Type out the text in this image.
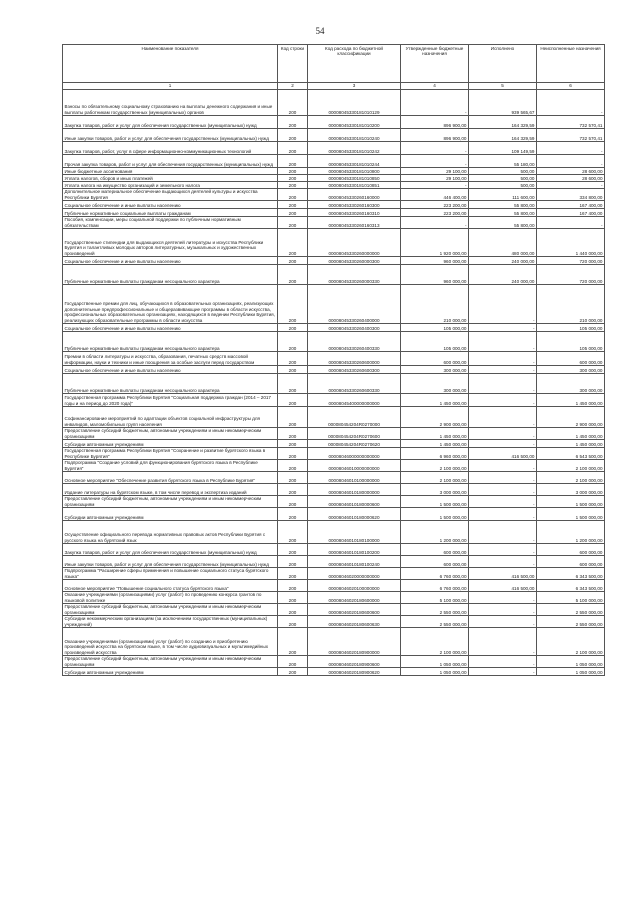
54
Наименование показателя	Код строки	Код расхода по бюджетной классификации	Утвержденные бюджетные назначения	Исполнено	Неисполненные назначения
1	2	3	4	5	6
Взносы по обязательному социальному страхованию на выплаты денежного содержания и иные выплаты работникам государственных (муниципальных) органов	200	00008045330181010129	-	939 565,67	-
Закупка товаров, работ и услуг для обеспечения государственных (муниципальных) нужд	200	00008045330181010200	896 900,00	164 329,59	732 570,41
Иные закупки товаров, работ и услуг для обеспечения государственных (муниципальных) нужд	200	00008045330181010240	896 900,00	164 329,59	732 570,41
Закупка товаров, работ, услуг в сфере информационно-коммуникационных технологий	200	00008045330181010242	-	109 149,59	-
Прочая закупка товаров, работ и услуг для обеспечения государственных (муниципальных) нужд	200	00008045330181010244	-	55 180,00	-
Иные бюджетные ассигнования	200	00008045330181010800	29 100,00	500,00	28 600,00
Уплата налогов, сборов и иных платежей	200	00008045330181010850	29 100,00	500,00	28 600,00
Уплата налога на имущество организаций и земельного налога	200	00008045330181010851	-	500,00	-
Дополнительное материальное обеспечение выдающихся деятелей культуры и искусства Республики Бурятия	200	00008045330260160000	446 400,00	111 600,00	334 800,00
Социальное обеспечение и иные выплаты населению	200	00008045330260160300	223 200,00	55 800,00	167 400,00
Публичные нормативные социальные выплаты гражданам	200	00008045330260160310	223 200,00	55 800,00	167 400,00
Пособия, компенсации, меры социальной поддержки по публичным нормативным обязательствам	200	00008045330260160313	-	55 800,00	-
Государственные стипендии для выдающихся деятелей литературы и искусства Республики Бурятия и талантливых молодых авторов литературных, музыкальных и художественных произведений	200	00008045330260000000	1 920 000,00	480 000,00	1 440 000,00
Социальное обеспечение и иные выплаты населению	200	00008045330260000300	960 000,00	240 000,00	720 000,00
Публичные нормативные выплаты гражданам несоциального характера	200	00008045330260000330	960 000,00	240 000,00	720 000,00
Государственные премии для лиц, обучающихся в образовательных организациях, реализующих дополнительные предпрофессиональные и общеразвивающие программы в области искусства, профессиональных образовательных организациях, находящихся в ведении Республики Бурятия, реализующих образовательные программы в области искусства	200	00008045330260400000	210 000,00	-	210 000,00
Социальное обеспечение и иные выплаты населению	200	00008045330260400300	105 000,00	-	105 000,00
Публичные нормативные выплаты гражданам несоциального характера	200	00008045330260400330	105 000,00	-	105 000,00
Премии в области литературы и искусства, образования, печатных средств массовой информации, науки и техники и иные поощрения за особые заслуги перед государством	200	00008045330260600000	600 000,00	-	600 000,00
Социальное обеспечение и иные выплаты населению	200	00008045330260600300	300 000,00	-	300 000,00
Публичные нормативные выплаты гражданам несоциального характера	200	00008045330260600330	300 000,00	-	300 000,00
Государственная программа Республики Бурятия "Социальная поддержка граждан (2014 – 2017 годы и на период до 2020 года)"	200	00008045400000000000	1 450 000,00	-	1 450 000,00
Софинансирование мероприятий по адаптации объектов социальной инфраструктуры для инвалидов, маломобильных групп населения	200	000080454204R0270000	2 900 000,00	-	2 900 000,00
Предоставление субсидий бюджетным, автономным учреждениям и иным некоммерческим организациям	200	000080454204R0270600	1 450 000,00	-	1 450 000,00
Субсидии автономным учреждениям	200	000080454204R0270620	1 450 000,00	-	1 450 000,00
Государственная программа Республики Бурятия "Сохранение и развитие бурятского языка в Республике Бурятия"	200	00008046000000000000	6 960 000,00	416 500,00	6 543 500,00
Подпрограмма "Создание условий для функционирования бурятского языка в Республике Бурятия"	200	00008046010000000000	2 100 000,00	-	2 100 000,00
Основное мероприятие "Обеспечение развития бурятского языка в Республике Бурятия"	200	00008046010100000000	2 100 000,00	-	2 100 000,00
Издание литературы на бурятском языке, в том числе перевод и экспертиза изданий	200	00008046010180000000	3 000 000,00	-	3 000 000,00
Предоставление субсидий бюджетным, автономным учреждениям и иным некоммерческим организациям	200	00008046010180000600	1 500 000,00	-	1 500 000,00
Субсидии автономным учреждениям	200	00008046010180000620	1 500 000,00	-	1 500 000,00
Осуществление официального перевода нормативных правовых актов Республики Бурятия с русского языка на бурятский язык	200	00008046010180100000	1 200 000,00	-	1 200 000,00
Закупка товаров, работ и услуг для обеспечения государственных (муниципальных) нужд	200	00008046010180100200	600 000,00	-	600 000,00
Иные закупки товаров, работ и услуг для обеспечения государственных (муниципальных) нужд	200	00008046010180100240	600 000,00	-	600 000,00
Подпрограмма "Расширение сферы применения и повышение социального статуса бурятского языка"	200	00008046020000000000	6 760 000,00	416 500,00	6 343 500,00
Основное мероприятие "Повышение социального статуса бурятского языка"	200	00008046020100000000	6 760 000,00	416 500,00	6 343 500,00
Оказание учреждениями (организациями) услуг (работ) по проведению конкурса грантов по языковой политике	200	00008046020180600000	5 100 000,00	-	5 100 000,00
Предоставление субсидий бюджетным, автономным учреждениям и иным некоммерческим организациям	200	00008046020180600600	2 550 000,00	-	2 550 000,00
Субсидии некоммерческим организациям (за исключением государственных (муниципальных) учреждений)	200	00008046020180600630	2 550 000,00	-	2 550 000,00
Оказание учреждениями (организациями) услуг (работ) по созданию и приобретению произведений искусства на бурятском языке, в том числе аудиовизуальных и мультимедийных произведений искусства	200	00008046020180900000	2 100 000,00	-	2 100 000,00
Предоставление субсидий бюджетным, автономным учреждениям и иным некоммерческим организациям	200	00008046020180900600	1 050 000,00	-	1 050 000,00
Субсидии автономным учреждениям	200	00008046020180900620	1 050 000,00	-	1 050 000,00
